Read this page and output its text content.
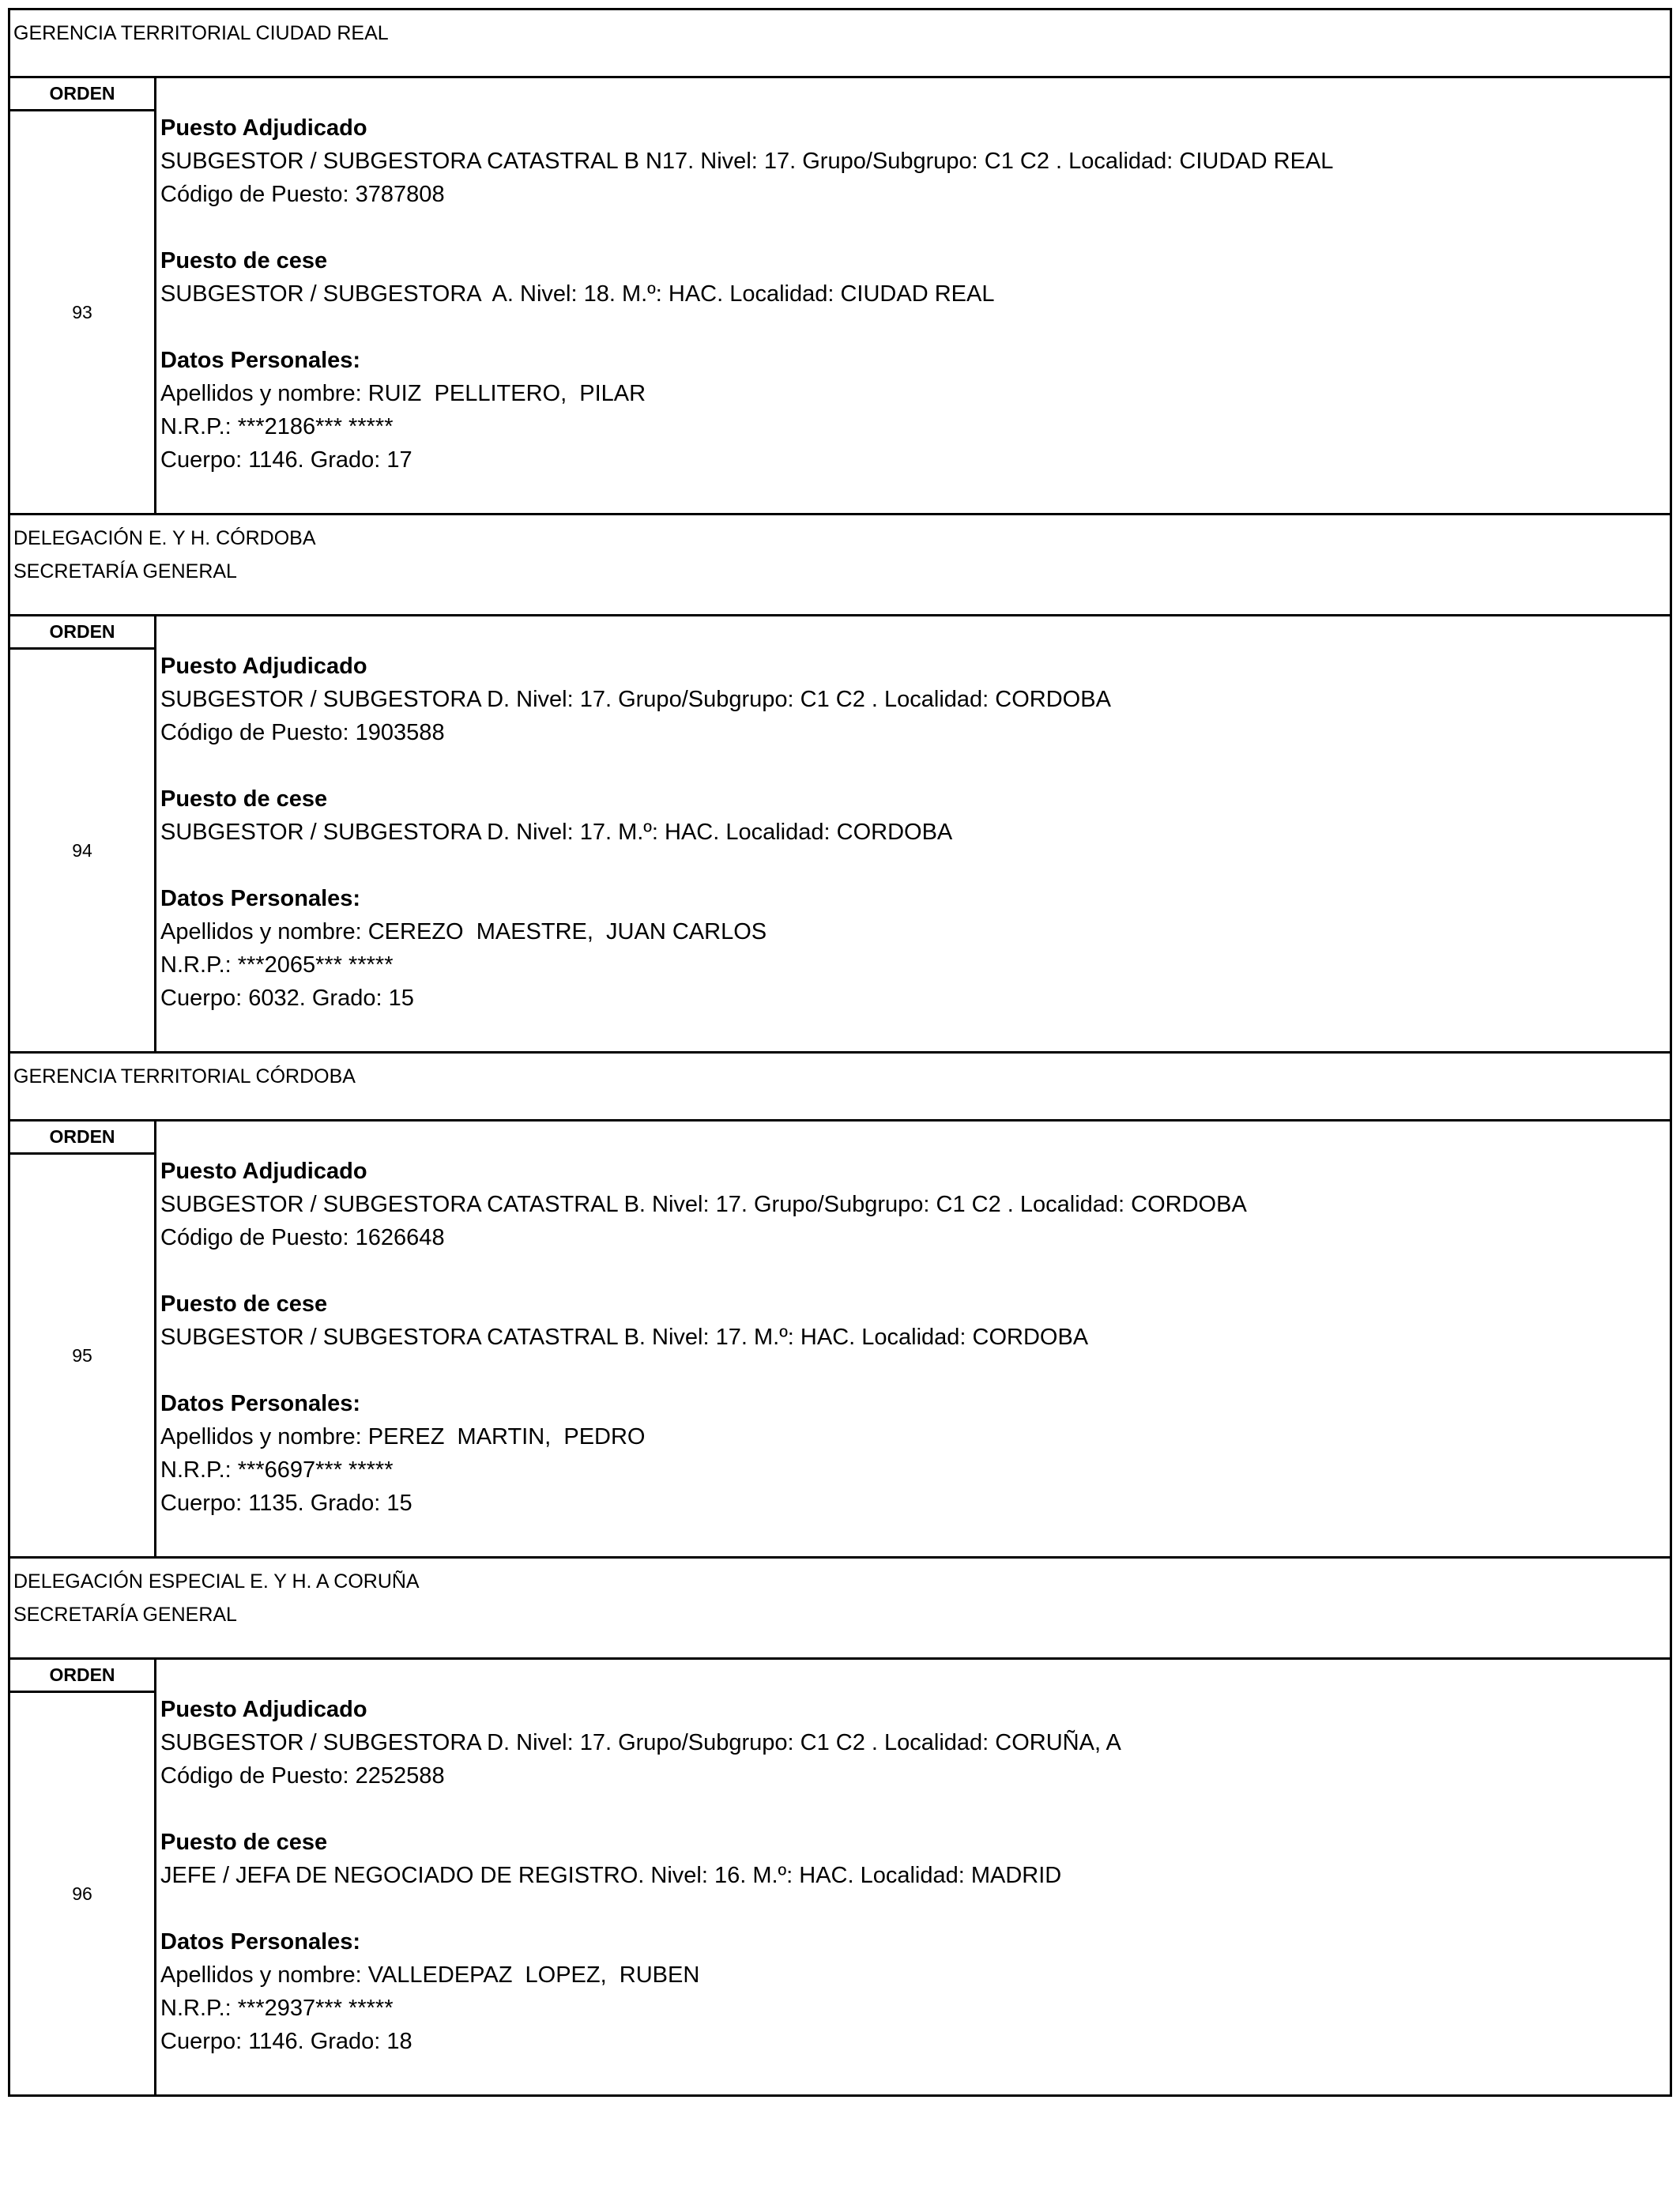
GERENCIA TERRITORIAL CIUDAD REAL
ORDEN
93
Puesto Adjudicado
SUBGESTOR / SUBGESTORA CATASTRAL B N17. Nivel: 17. Grupo/Subgrupo: C1 C2 . Localidad: CIUDAD REAL
Código de Puesto: 3787808
Puesto de cese
SUBGESTOR / SUBGESTORA  A. Nivel: 18. M.º: HAC. Localidad: CIUDAD REAL
Datos Personales:
Apellidos y nombre: RUIZ  PELLITERO,  PILAR
N.R.P.: ***2186*** *****
Cuerpo: 1146. Grado: 17
DELEGACIÓN E. Y H. CÓRDOBA
SECRETARÍA GENERAL
ORDEN
94
Puesto Adjudicado
SUBGESTOR / SUBGESTORA D. Nivel: 17. Grupo/Subgrupo: C1 C2 . Localidad: CORDOBA
Código de Puesto: 1903588
Puesto de cese
SUBGESTOR / SUBGESTORA D. Nivel: 17. M.º: HAC. Localidad: CORDOBA
Datos Personales:
Apellidos y nombre: CEREZO  MAESTRE,  JUAN CARLOS
N.R.P.: ***2065*** *****
Cuerpo: 6032. Grado: 15
GERENCIA TERRITORIAL CÓRDOBA
ORDEN
95
Puesto Adjudicado
SUBGESTOR / SUBGESTORA CATASTRAL B. Nivel: 17. Grupo/Subgrupo: C1 C2 . Localidad: CORDOBA
Código de Puesto: 1626648
Puesto de cese
SUBGESTOR / SUBGESTORA CATASTRAL B. Nivel: 17. M.º: HAC. Localidad: CORDOBA
Datos Personales:
Apellidos y nombre: PEREZ  MARTIN,  PEDRO
N.R.P.: ***6697*** *****
Cuerpo: 1135. Grado: 15
DELEGACIÓN ESPECIAL E. Y H. A CORUÑA
SECRETARÍA GENERAL
ORDEN
96
Puesto Adjudicado
SUBGESTOR / SUBGESTORA D. Nivel: 17. Grupo/Subgrupo: C1 C2 . Localidad: CORUÑA, A
Código de Puesto: 2252588
Puesto de cese
JEFE / JEFA DE NEGOCIADO DE REGISTRO. Nivel: 16. M.º: HAC. Localidad: MADRID
Datos Personales:
Apellidos y nombre: VALLEDEPAZ  LOPEZ,  RUBEN
N.R.P.: ***2937*** *****
Cuerpo: 1146. Grado: 18
